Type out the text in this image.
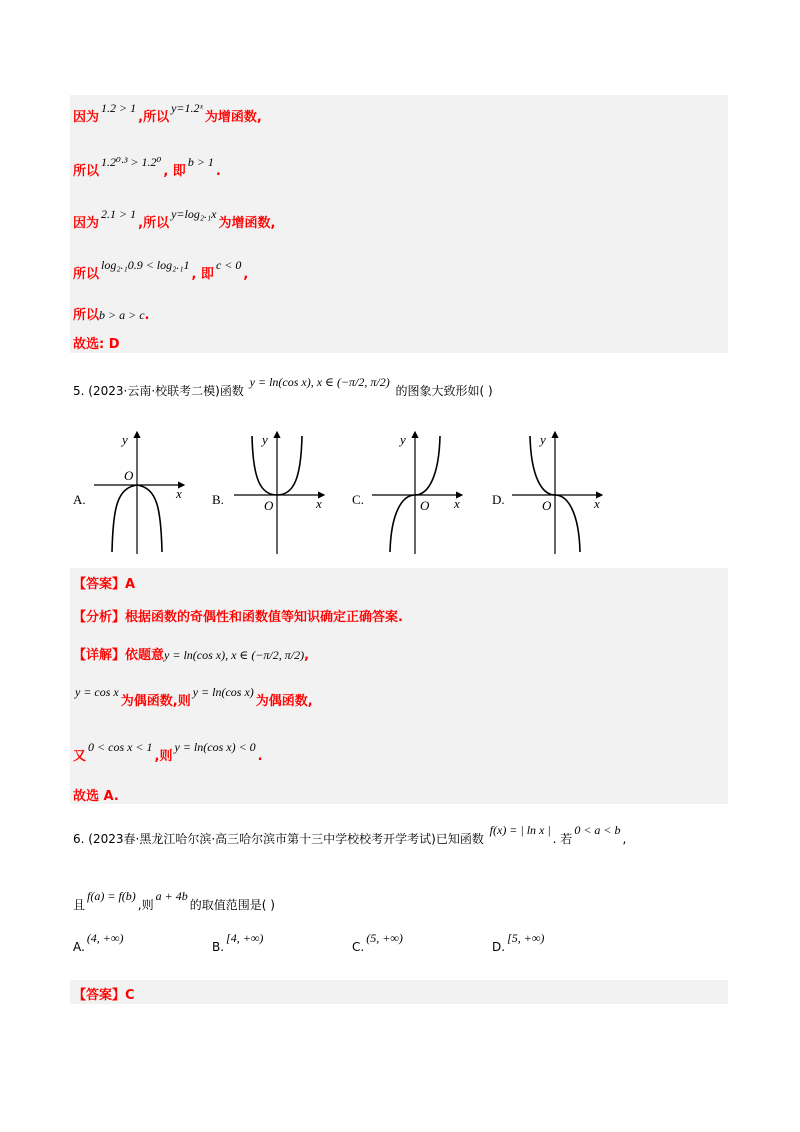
因为1.2 > 1,所以y=1.2ˣ为增函数,
所以1.2⁰·³ > 1.2⁰, 即b > 1.
因为2.1 > 1,所以y=log₂.₁x为增函数,
所以log₂.₁0.9 < log₂.₁1, 即c < 0,
所以b > a > c.
故选: D
5. (2023·云南·校联考二模)函数 y = ln(cos x), x ∈ (−π/2, π/2) 的图象大致形如( )
A.
y
x
O
B.
y
x
O	C.
y
x
O	D.
y
x
O
【答案】A
【分析】根据函数的奇偶性和函数值等知识确定正确答案.
【详解】依题意y = ln(cos x), x ∈ (−π/2, π/2),
y = cos x为偶函数,则y = ln(cos x)为偶函数,
又0 < cos x < 1,则y = ln(cos x) < 0.
故选 A.
6. (2023春·黑龙江哈尔滨·高三哈尔滨市第十三中学校校考开学考试)已知函数 f(x) = | ln x |. 若0 < a < b,
且f(a) = f(b),则a + 4b的取值范围是( )
A.(4, +∞)
B.[4, +∞)
C.(5, +∞)
D.[5, +∞)
【答案】C
